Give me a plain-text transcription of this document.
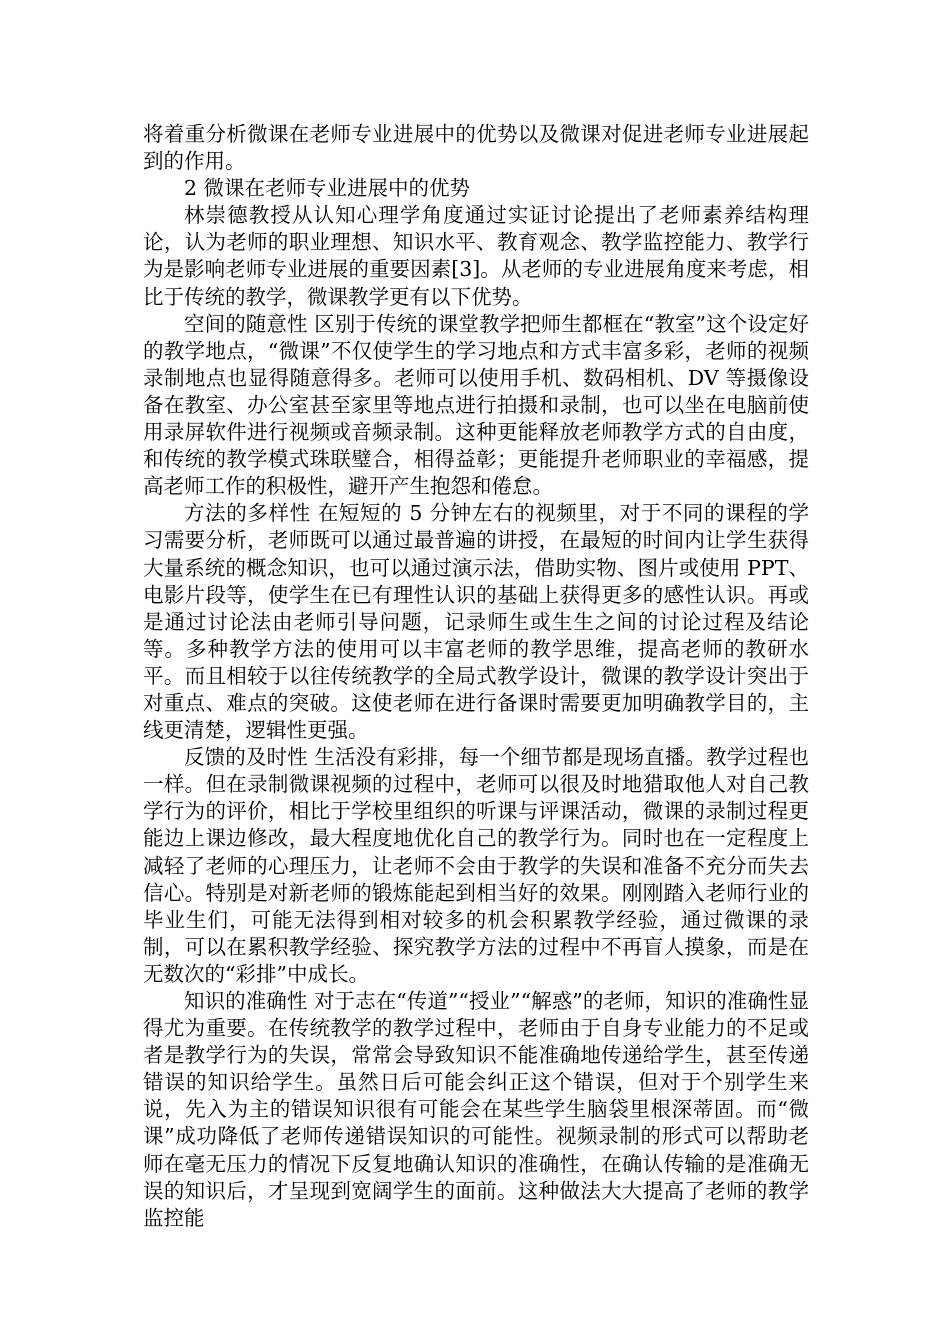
将着重分析微课在老师专业进展中的优势以及微课对促进老师专业进展起到的作用。

2 微课在老师专业进展中的优势

林崇德教授从认知心理学角度通过实证讨论提出了老师素养结构理论，认为老师的职业理想、知识水平、教育观念、教学监控能力、教学行为是影响老师专业进展的重要因素[3]。从老师的专业进展角度来考虑，相比于传统的教学，微课教学更有以下优势。

空间的随意性 区别于传统的课堂教学把师生都框在“教室”这个设定好的教学地点，“微课”不仅使学生的学习地点和方式丰富多彩，老师的视频录制地点也显得随意得多。老师可以使用手机、数码相机、DV 等摄像设备在教室、办公室甚至家里等地点进行拍摄和录制，也可以坐在电脑前使用录屏软件进行视频或音频录制。这种更能释放老师教学方式的自由度，和传统的教学模式珠联璧合，相得益彰；更能提升老师职业的幸福感，提高老师工作的积极性，避开产生抱怨和倦怠。

方法的多样性 在短短的 5 分钟左右的视频里，对于不同的课程的学习需要分析，老师既可以通过最普遍的讲授，在最短的时间内让学生获得大量系统的概念知识，也可以通过演示法，借助实物、图片或使用 PPT、电影片段等，使学生在已有理性认识的基础上获得更多的感性认识。再或是通过讨论法由老师引导问题，记录师生或生生之间的讨论过程及结论等。多种教学方法的使用可以丰富老师的教学思维，提高老师的教研水平。而且相较于以往传统教学的全局式教学设计，微课的教学设计突出于对重点、难点的突破。这使老师在进行备课时需要更加明确教学目的，主线更清楚，逻辑性更强。

反馈的及时性 生活没有彩排，每一个细节都是现场直播。教学过程也一样。但在录制微课视频的过程中，老师可以很及时地猎取他人对自己教学行为的评价，相比于学校里组织的听课与评课活动，微课的录制过程更能边上课边修改，最大程度地优化自己的教学行为。同时也在一定程度上减轻了老师的心理压力，让老师不会由于教学的失误和准备不充分而失去信心。特别是对新老师的锻炼能起到相当好的效果。刚刚踏入老师行业的毕业生们，可能无法得到相对较多的机会积累教学经验，通过微课的录制，可以在累积教学经验、探究教学方法的过程中不再盲人摸象，而是在无数次的“彩排”中成长。

知识的准确性 对于志在“传道”“授业”“解惑”的老师，知识的准确性显得尤为重要。在传统教学的教学过程中，老师由于自身专业能力的不足或者是教学行为的失误，常常会导致知识不能准确地传递给学生，甚至传递错误的知识给学生。虽然日后可能会纠正这个错误，但对于个别学生来说，先入为主的错误知识很有可能会在某些学生脑袋里根深蒂固。而“微课”成功降低了老师传递错误知识的可能性。视频录制的形式可以帮助老师在毫无压力的情况下反复地确认知识的准确性，在确认传输的是准确无误的知识后，才呈现到宽阔学生的面前。这种做法大大提高了老师的教学监控能
